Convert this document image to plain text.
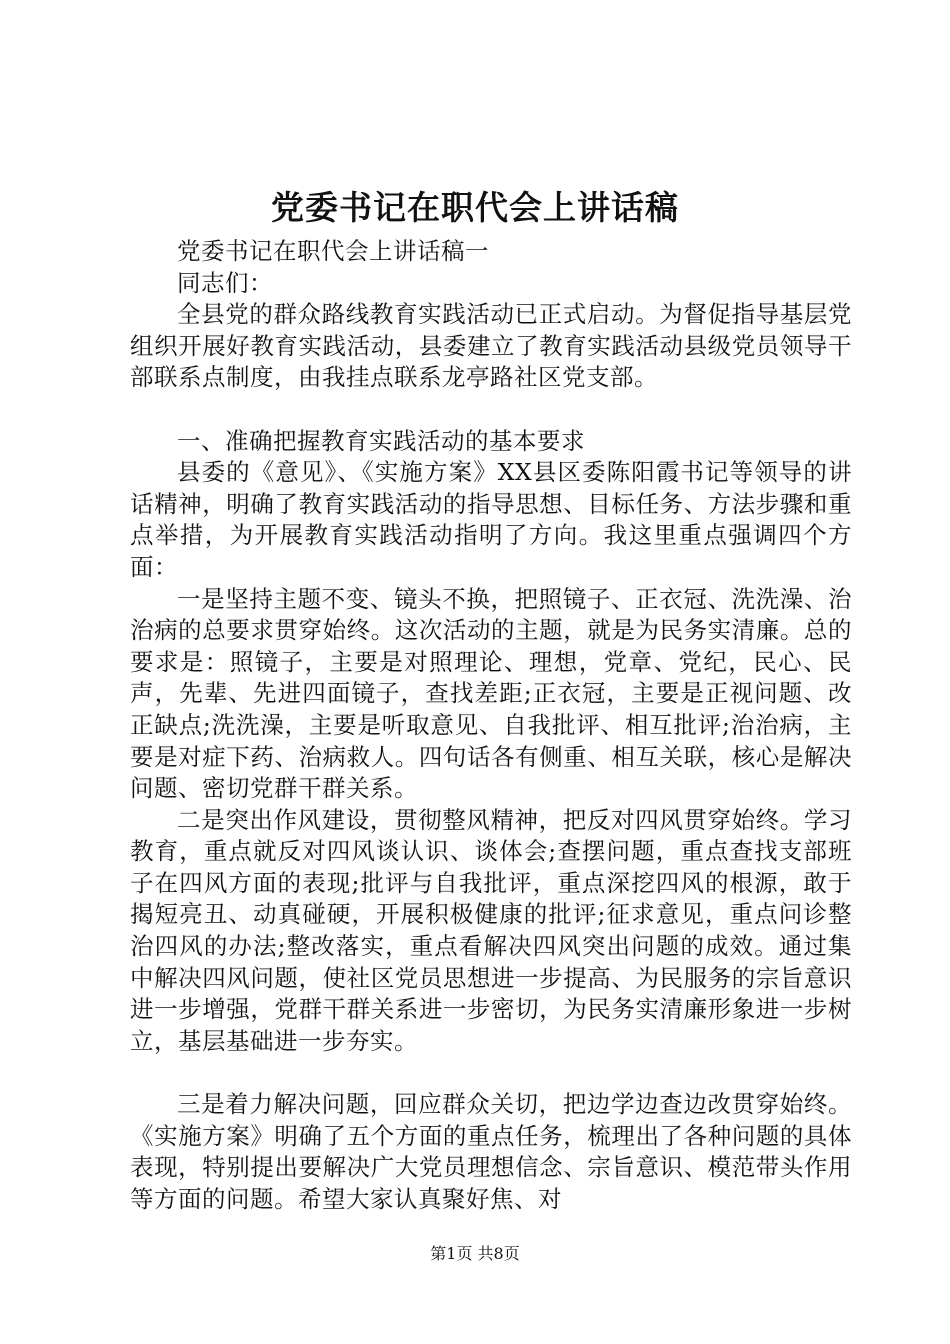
党委书记在职代会上讲话稿

党委书记在职代会上讲话稿一

同志们：

全县党的群众路线教育实践活动已正式启动。为督促指导基层党组织开展好教育实践活动，县委建立了教育实践活动县级党员领导干部联系点制度，由我挂点联系龙亭路社区党支部。

一、准确把握教育实践活动的基本要求

县委的《意见》、《实施方案》XX县区委陈阳霞书记等领导的讲话精神，明确了教育实践活动的指导思想、目标任务、方法步骤和重点举措，为开展教育实践活动指明了方向。我这里重点强调四个方面：

一是坚持主题不变、镜头不换，把照镜子、正衣冠、洗洗澡、治治病的总要求贯穿始终。这次活动的主题，就是为民务实清廉。总的要求是：照镜子，主要是对照理论、理想，党章、党纪，民心、民声，先辈、先进四面镜子，查找差距;正衣冠，主要是正视问题、改正缺点;洗洗澡，主要是听取意见、自我批评、相互批评;治治病，主要是对症下药、治病救人。四句话各有侧重、相互关联，核心是解决问题、密切党群干群关系。

二是突出作风建设，贯彻整风精神，把反对四风贯穿始终。学习教育，重点就反对四风谈认识、谈体会;查摆问题，重点查找支部班子在四风方面的表现;批评与自我批评，重点深挖四风的根源，敢于揭短亮丑、动真碰硬，开展积极健康的批评;征求意见，重点问诊整治四风的办法;整改落实，重点看解决四风突出问题的成效。通过集中解决四风问题，使社区党员思想进一步提高、为民服务的宗旨意识进一步增强，党群干群关系进一步密切，为民务实清廉形象进一步树立，基层基础进一步夯实。

三是着力解决问题，回应群众关切，把边学边查边改贯穿始终。《实施方案》明确了五个方面的重点任务，梳理出了各种问题的具体表现，特别提出要解决广大党员理想信念、宗旨意识、模范带头作用等方面的问题。希望大家认真聚好焦、对

第1页 共8页
